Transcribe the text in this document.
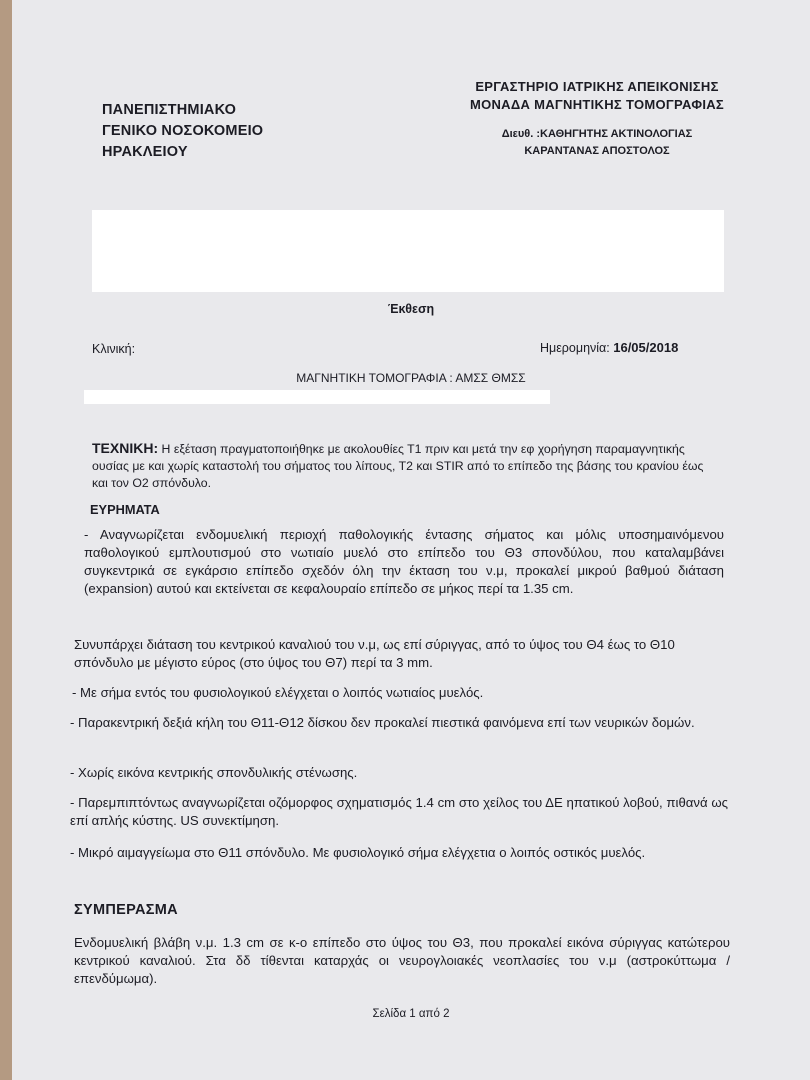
ΠΑΝΕΠΙΣΤΗΜΙΑΚΟ
ΓΕΝΙΚΟ ΝΟΣΟΚΟΜΕΙΟ
ΗΡΑΚΛΕΙΟΥ
ΕΡΓΑΣΤΗΡΙΟ ΙΑΤΡΙΚΗΣ ΑΠΕΙΚΟΝΙΣΗΣ
ΜΟΝΑΔΑ ΜΑΓΝΗΤΙΚΗΣ ΤΟΜΟΓΡΑΦΙΑΣ
Διευθ. :ΚΑΘΗΓΗΤΗΣ ΑΚΤΙΝΟΛΟΓΙΑΣ
ΚΑΡΑΝΤΑΝΑΣ ΑΠΟΣΤΟΛΟΣ
Έκθεση
Κλινική:	Ημερομηνία: 16/05/2018
ΜΑΓΝΗΤΙΚΗ ΤΟΜΟΓΡΑΦΙΑ : ΑΜΣΣ ΘΜΣΣ
ΤΕΧΝΙΚΗ: Η εξέταση πραγματοποιήθηκε με ακολουθίες Τ1 πριν και μετά την εφ χορήγηση παραμαγνητικής ουσίας με και χωρίς καταστολή του σήματος του λίπους, Τ2 και STIR από το επίπεδο της βάσης του κρανίου έως και τον Ο2 σπόνδυλο.
ΕΥΡΗΜΑΤΑ
- Αναγνωρίζεται ενδομυελική περιοχή παθολογικής έντασης σήματος και μόλις υποσημαινόμενου παθολογικού εμπλουτισμού στο νωτιαίο μυελό στο επίπεδο του Θ3 σπονδύλου, που καταλαμβάνει συγκεντρικά σε εγκάρσιο επίπεδο σχεδόν όλη την έκταση του ν.μ, προκαλεί μικρού βαθμού διάταση (expansion) αυτού και εκτείνεται σε κεφαλουραίο επίπεδο σε μήκος περί τα 1.35 cm.
Συνυπάρχει διάταση του κεντρικού καναλιού του ν.μ, ως επί σύριγγας, από το ύψος του Θ4 έως το Θ10 σπόνδυλο με μέγιστο εύρος (στο ύψος του Θ7) περί τα 3 mm.
- Με σήμα εντός του φυσιολογικού ελέγχεται ο λοιπός νωτιαίος μυελός.
- Παρακεντρική δεξιά κήλη του Θ11-Θ12 δίσκου δεν προκαλεί πιεστικά φαινόμενα επί των νευρικών δομών.
- Χωρίς εικόνα κεντρικής σπονδυλικής στένωσης.
- Παρεμπιπτόντως αναγνωρίζεται οζόμορφος σχηματισμός 1.4 cm στο χείλος του ΔΕ ηπατικού λοβού, πιθανά ως επί απλής κύστης. US συνεκτίμηση.
- Μικρό αιμαγγείωμα στο Θ11 σπόνδυλο. Με φυσιολογικό σήμα ελέγχετια ο λοιπός οστικός μυελός.
ΣΥΜΠΕΡΑΣΜΑ
Ενδομυελική βλάβη ν.μ. 1.3 cm σε κ-ο επίπεδο στο ύψος του Θ3, που προκαλεί εικόνα σύριγγας κατώτερου κεντρικού καναλιού. Στα δδ τίθενται καταρχάς οι νευρογλοιακές νεοπλασίες του ν.μ (αστροκύττωμα / επενδύμωμα).
Σελίδα 1 από 2
